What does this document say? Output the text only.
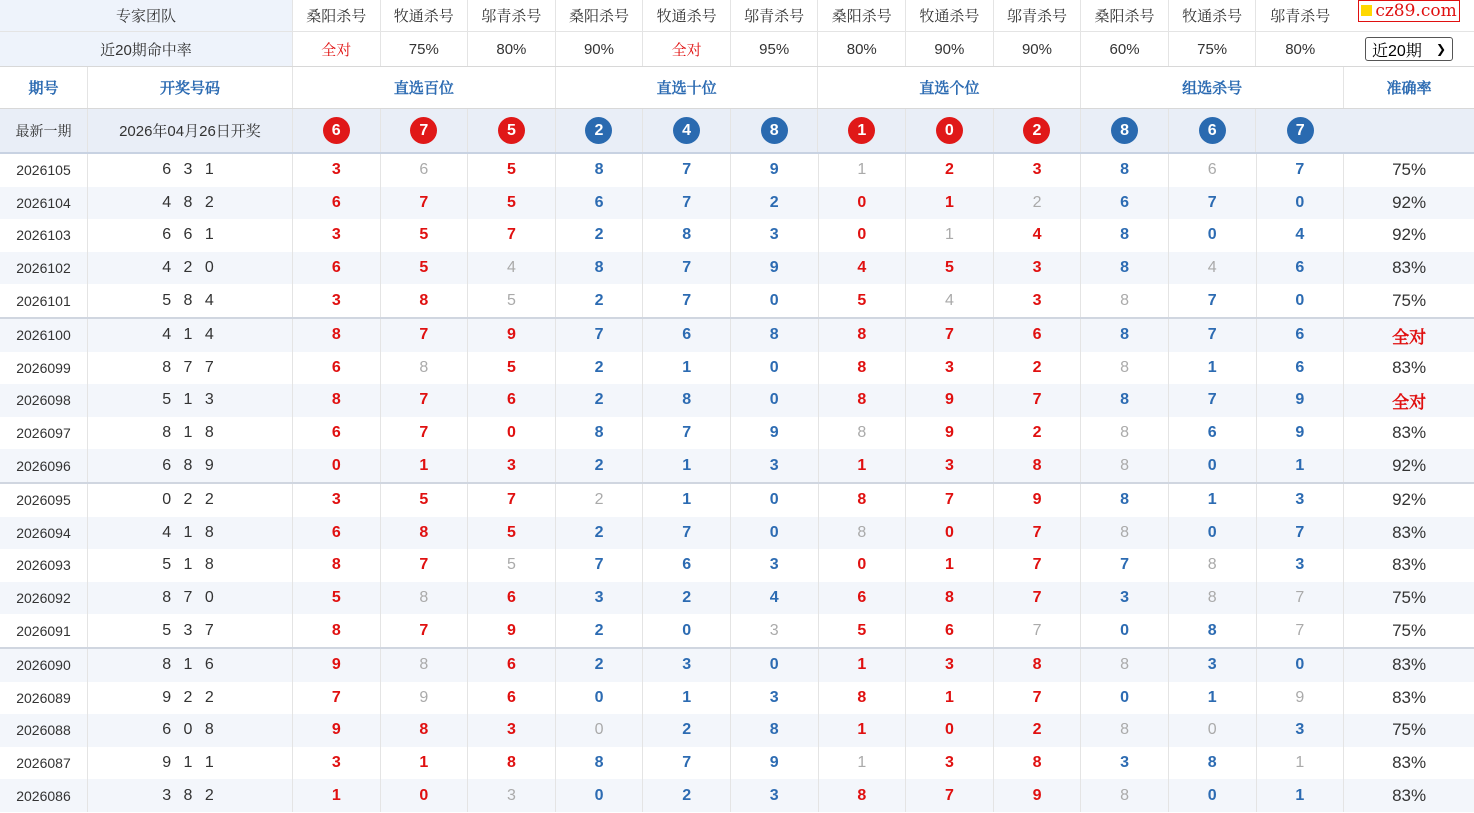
专家团队	桑阳杀号	牧通杀号	邬青杀号	桑阳杀号	牧通杀号	邬青杀号	桑阳杀号	牧通杀号	邬青杀号	桑阳杀号	牧通杀号	邬青杀号	cz89.com
近20期命中率	全对	75%	80%	90%	全对	95%	80%	90%	90%	60%	75%	80%	近20期 ❯
期号	开奖号码	直选百位	直选十位	直选个位	组选杀号	准确率
最新一期	2026年04月26日开奖	6	7	5	2	4	8	1	0	2	8	6	7
2026105	6 3 1	3	6	5	8	7	9	1	2	3	8	6	7	75%
2026104	4 8 2	6	7	5	6	7	2	0	1	2	6	7	0	92%
2026103	6 6 1	3	5	7	2	8	3	0	1	4	8	0	4	92%
2026102	4 2 0	6	5	4	8	7	9	4	5	3	8	4	6	83%
2026101	5 8 4	3	8	5	2	7	0	5	4	3	8	7	0	75%
2026100	4 1 4	8	7	9	7	6	8	8	7	6	8	7	6	全对
2026099	8 7 7	6	8	5	2	1	0	8	3	2	8	1	6	83%
2026098	5 1 3	8	7	6	2	8	0	8	9	7	8	7	9	全对
2026097	8 1 8	6	7	0	8	7	9	8	9	2	8	6	9	83%
2026096	6 8 9	0	1	3	2	1	3	1	3	8	8	0	1	92%
2026095	0 2 2	3	5	7	2	1	0	8	7	9	8	1	3	92%
2026094	4 1 8	6	8	5	2	7	0	8	0	7	8	0	7	83%
2026093	5 1 8	8	7	5	7	6	3	0	1	7	7	8	3	83%
2026092	8 7 0	5	8	6	3	2	4	6	8	7	3	8	7	75%
2026091	5 3 7	8	7	9	2	0	3	5	6	7	0	8	7	75%
2026090	8 1 6	9	8	6	2	3	0	1	3	8	8	3	0	83%
2026089	9 2 2	7	9	6	0	1	3	8	1	7	0	1	9	83%
2026088	6 0 8	9	8	3	0	2	8	1	0	2	8	0	3	75%
2026087	9 1 1	3	1	8	8	7	9	1	3	8	3	8	1	83%
2026086	3 8 2	1	0	3	0	2	3	8	7	9	8	0	1	83%
